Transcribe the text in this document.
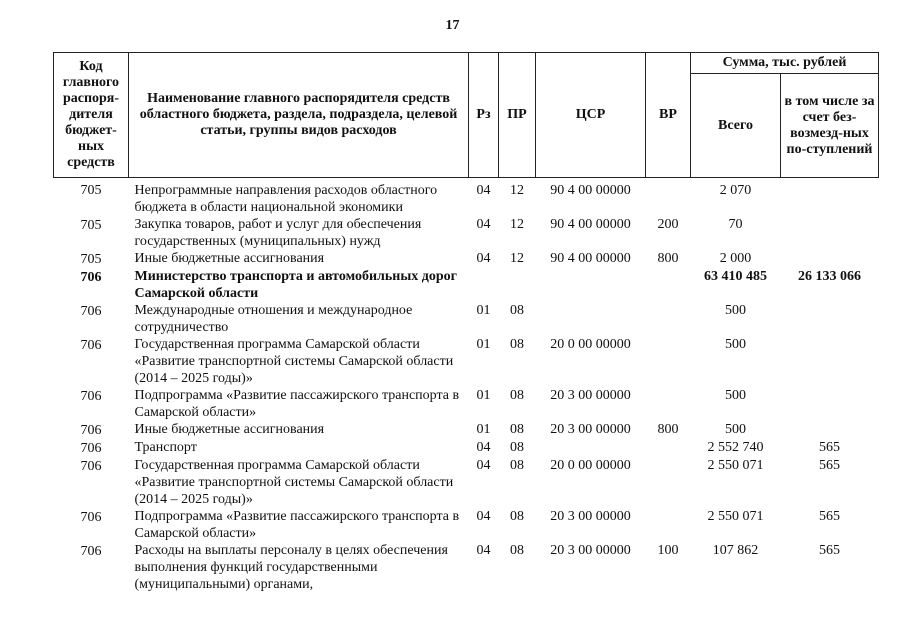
17
Код главного распоря-дителя бюджет-ных средств	Наименование главного распорядителя средств областного бюджета, раздела, подраздела, целевой статьи, группы видов расходов	Рз	ПР	ЦСР	ВР	Сумма, тыс. рублей	
						Всего	в том числе за счет без-возмезд-ных по-ступлений
705	Непрограммные направления расходов областного бюджета в области национальной экономики	04	12	90 4 00 00000		2 070	
705	Закупка товаров, работ и услуг для обеспечения государственных (муниципальных) нужд	04	12	90 4 00 00000	200	70	
705	Иные бюджетные ассигнования	04	12	90 4 00 00000	800	2 000	
706	Министерство транспорта и автомобильных дорог Самарской области					63 410 485	26 133 066
706	Международные отношения и международное сотрудничество	01	08			500	
706	Государственная программа Самарской области «Развитие транспортной системы Самарской области (2014 – 2025 годы)»	01	08	20 0 00 00000		500	
706	Подпрограмма «Развитие пассажирского транспорта в Самарской области»	01	08	20 3 00 00000		500	
706	Иные бюджетные ассигнования	01	08	20 3 00 00000	800	500	
706	Транспорт	04	08			2 552 740	565
706	Государственная программа Самарской области «Развитие транспортной системы Самарской области (2014 – 2025 годы)»	04	08	20 0 00 00000		2 550 071	565
706	Подпрограмма «Развитие пассажирского транспорта в Самарской области»	04	08	20 3 00 00000		2 550 071	565
706	Расходы на выплаты персоналу в целях обеспечения выполнения функций государственными (муниципальными) органами,	04	08	20 3 00 00000	100	107 862	565
